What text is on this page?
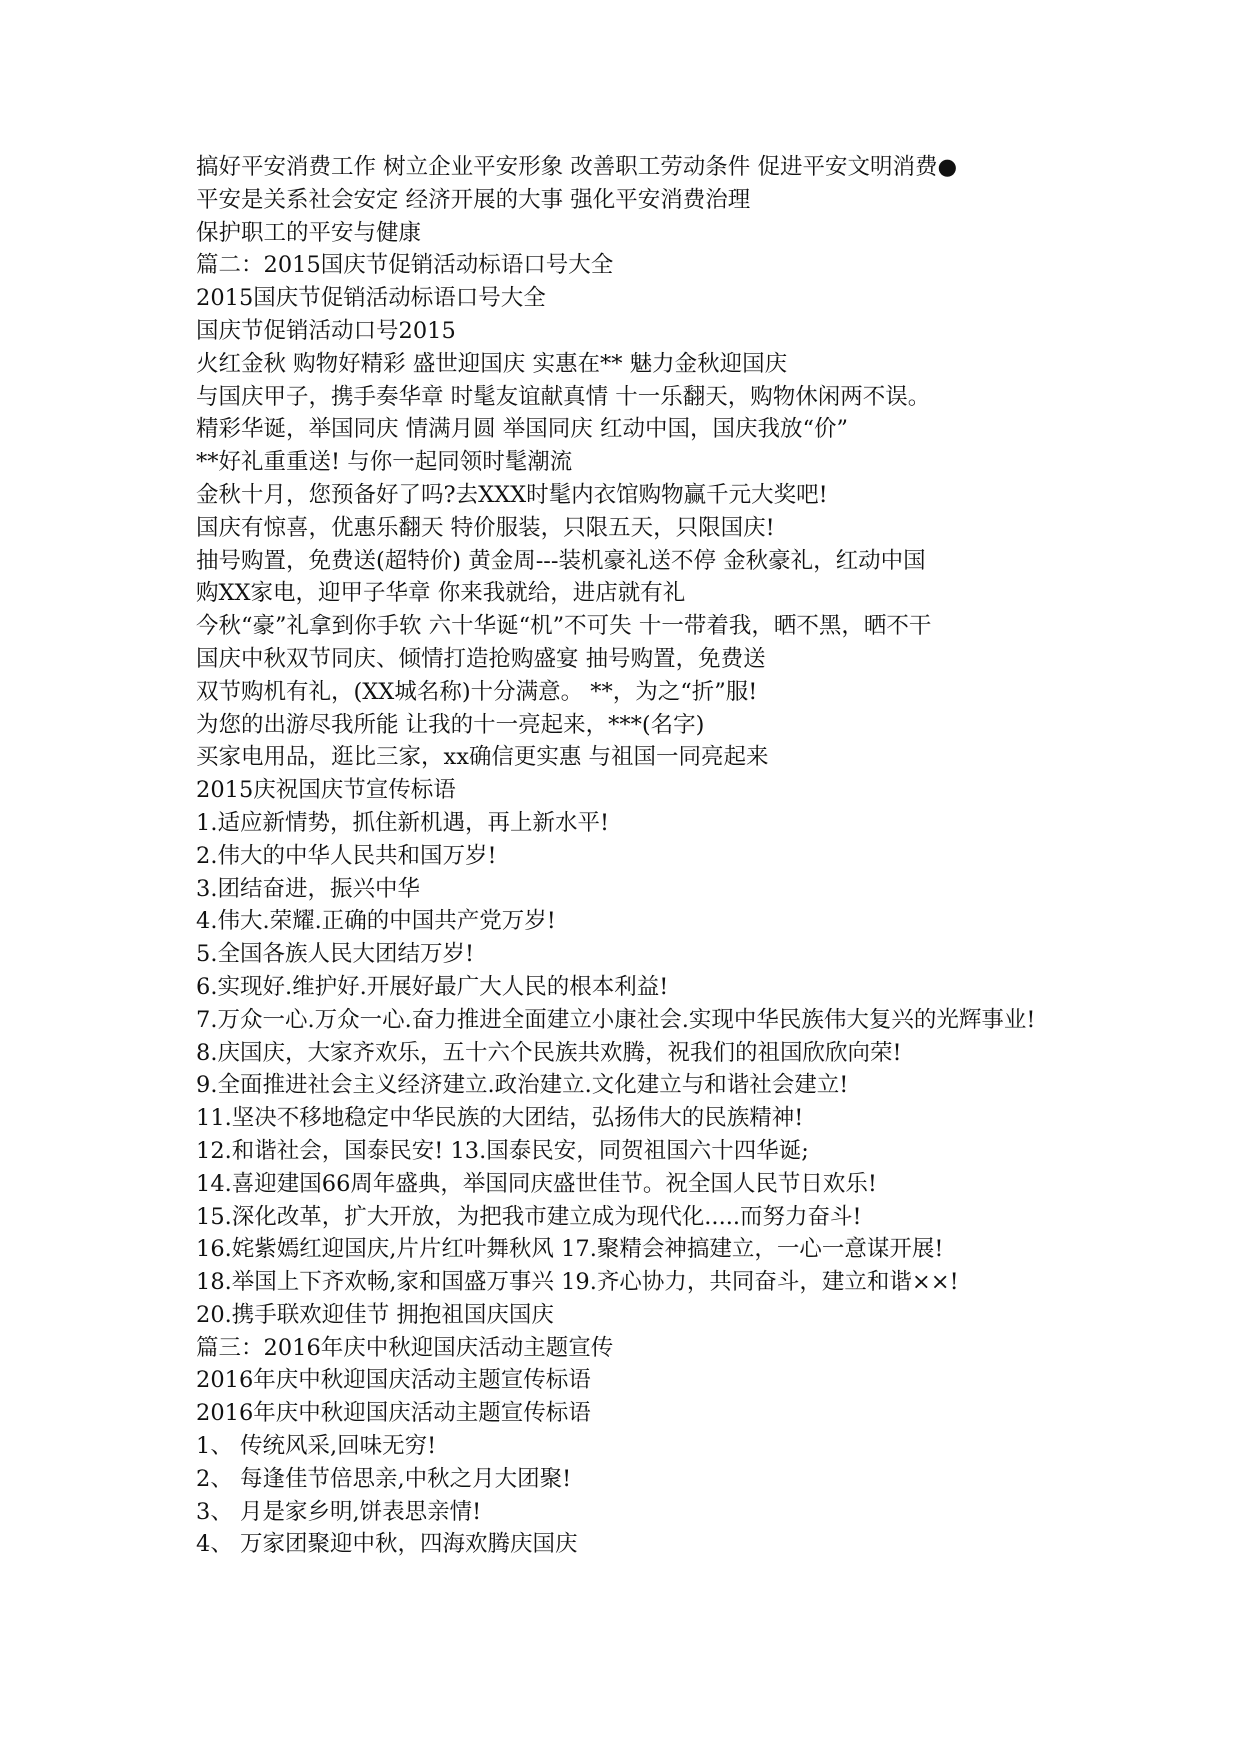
搞好平安消费工作 树立企业平安形象 改善职工劳动条件 促进平安文明消费●
平安是关系社会安定 经济开展的大事 强化平安消费治理
保护职工的平安与健康
篇二：2015国庆节促销活动标语口号大全
2015国庆节促销活动标语口号大全
国庆节促销活动口号2015
火红金秋 购物好精彩 盛世迎国庆 实惠在** 魅力金秋迎国庆
与国庆甲子，携手奏华章 时髦友谊献真情 十一乐翻天，购物休闲两不误。
精彩华诞，举国同庆 情满月圆 举国同庆 红动中国，国庆我放“价”
**好礼重重送! 与你一起同领时髦潮流
金秋十月，您预备好了吗?去XXX时髦内衣馆购物赢千元大奖吧!
国庆有惊喜，优惠乐翻天 特价服装，只限五天，只限国庆!
抽号购置，免费送(超特价) 黄金周---装机豪礼送不停 金秋豪礼，红动中国
购XX家电，迎甲子华章 你来我就给，进店就有礼
今秋“豪”礼拿到你手软 六十华诞“机”不可失 十一带着我，晒不黑，晒不干
国庆中秋双节同庆、倾情打造抢购盛宴 抽号购置，免费送
双节购机有礼，(XX城名称)十分满意。 **，为之“折”服!
为您的出游尽我所能 让我的十一亮起来，***(名字)
买家电用品，逛比三家，xx确信更实惠 与祖国一同亮起来
2015庆祝国庆节宣传标语
1.适应新情势，抓住新机遇，再上新水平!
2.伟大的中华人民共和国万岁!
3.团结奋进，振兴中华
4.伟大.荣耀.正确的中国共产党万岁!
5.全国各族人民大团结万岁!
6.实现好.维护好.开展好最广大人民的根本利益!
7.万众一心.万众一心.奋力推进全面建立小康社会.实现中华民族伟大复兴的光辉事业!
8.庆国庆，大家齐欢乐，五十六个民族共欢腾，祝我们的祖国欣欣向荣!
9.全面推进社会主义经济建立.政治建立.文化建立与和谐社会建立!
11.坚决不移地稳定中华民族的大团结，弘扬伟大的民族精神!
12.和谐社会，国泰民安! 13.国泰民安，同贺祖国六十四华诞;
14.喜迎建国66周年盛典，举国同庆盛世佳节。祝全国人民节日欢乐!
15.深化改革，扩大开放，为把我市建立成为现代化.....而努力奋斗!
16.姹紫嫣红迎国庆,片片红叶舞秋风 17.聚精会神搞建立，一心一意谋开展!
18.举国上下齐欢畅,家和国盛万事兴 19.齐心协力，共同奋斗，建立和谐××!
20.携手联欢迎佳节 拥抱祖国庆国庆
篇三：2016年庆中秋迎国庆活动主题宣传
2016年庆中秋迎国庆活动主题宣传标语
2016年庆中秋迎国庆活动主题宣传标语
1、 传统风采,回味无穷!
2、 每逢佳节倍思亲,中秋之月大团聚!
3、 月是家乡明,饼表思亲情!
4、 万家团聚迎中秋，四海欢腾庆国庆
